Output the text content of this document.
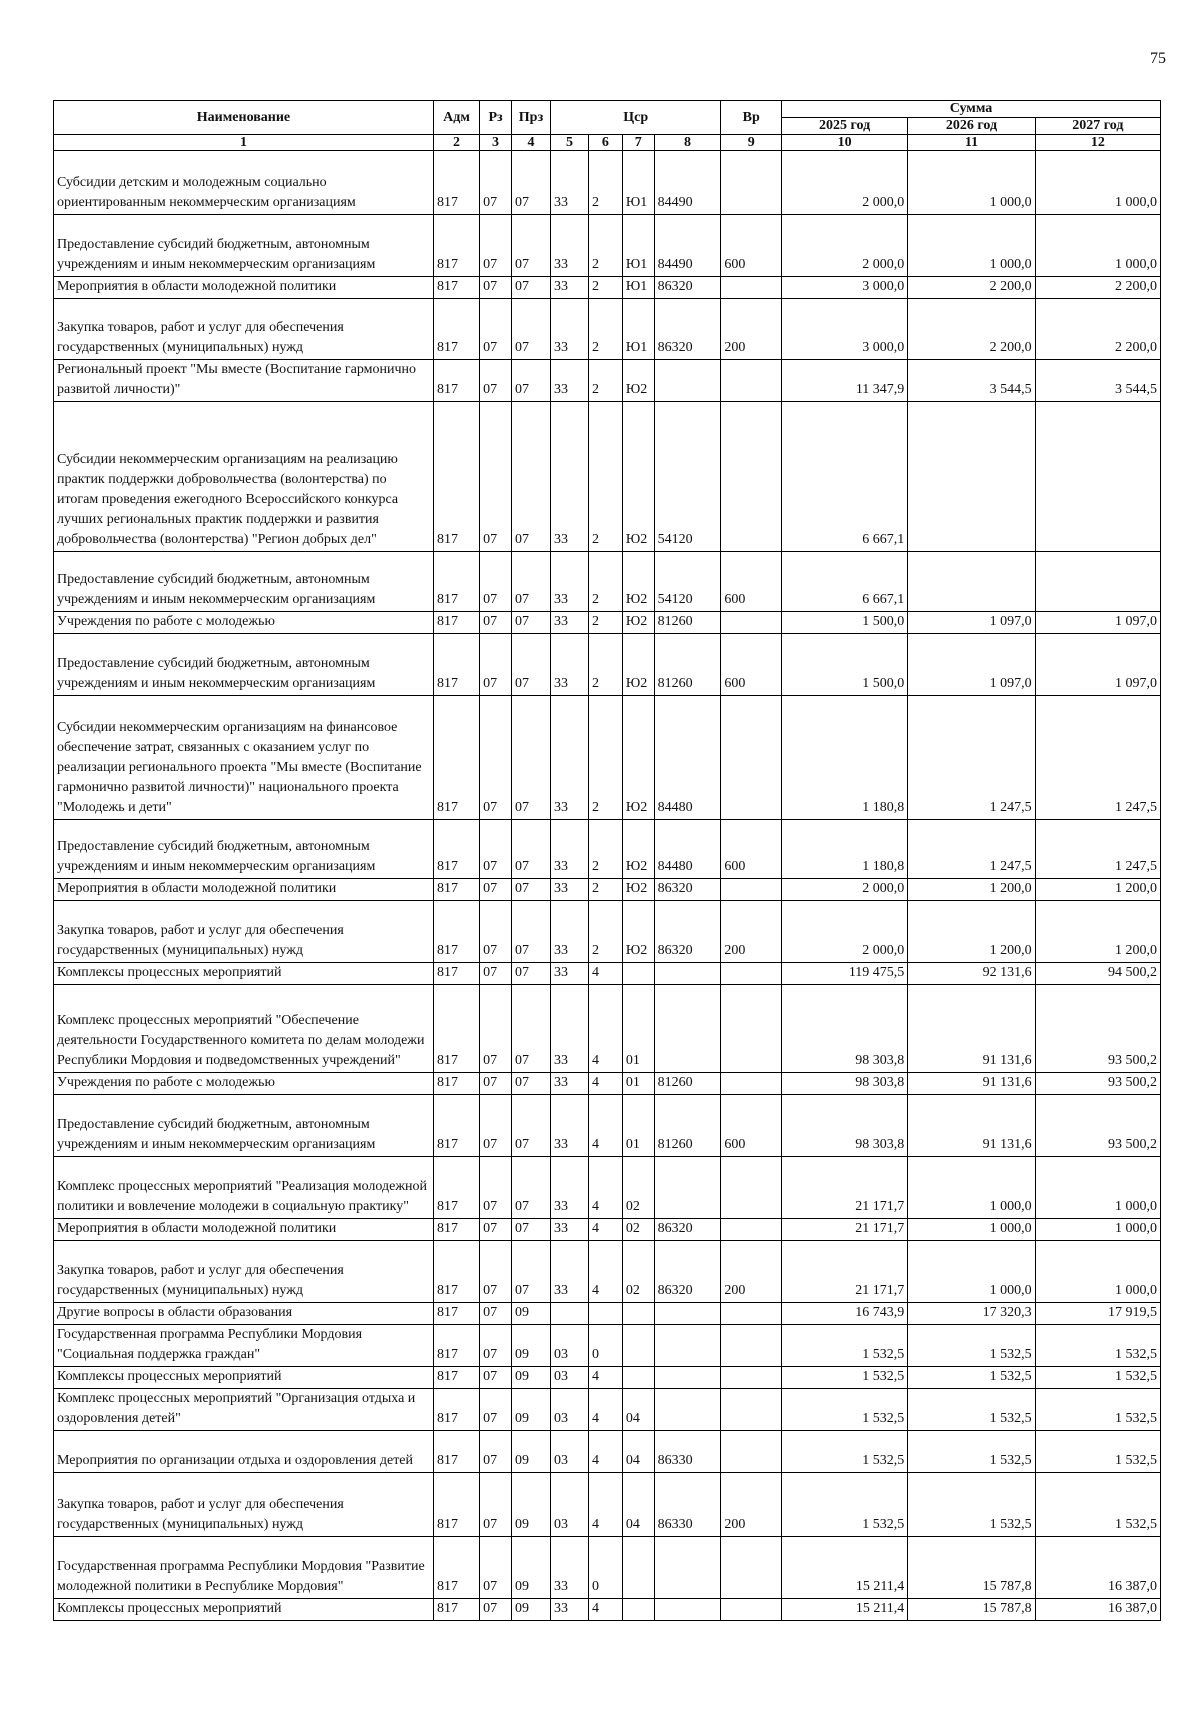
75
Наименование	Адм	Рз	Прз	Цср				Вр	Сумма		
									2025 год	2026 год	2027 год
1	2	3	4	5	6	7	8	9	10	11	12
Субсидии детским и молодежным социально ориентированным некоммерческим организациям	817	07	07	33	2	Ю1	84490		2 000,0	1 000,0	1 000,0
Предоставление субсидий бюджетным, автономным учреждениям и иным некоммерческим организациям	817	07	07	33	2	Ю1	84490	600	2 000,0	1 000,0	1 000,0
Мероприятия в области молодежной политики	817	07	07	33	2	Ю1	86320		3 000,0	2 200,0	2 200,0
Закупка товаров, работ и услуг для обеспечения государственных (муниципальных) нужд	817	07	07	33	2	Ю1	86320	200	3 000,0	2 200,0	2 200,0
Региональный проект "Мы вместе (Воспитание гармонично развитой личности)"	817	07	07	33	2	Ю2			11 347,9	3 544,5	3 544,5
Субсидии некоммерческим организациям на реализацию практик поддержки добровольчества (волонтерства) по итогам проведения ежегодного Всероссийского конкурса лучших региональных практик поддержки и развития добровольчества (волонтерства) "Регион добрых дел"	817	07	07	33	2	Ю2	54120		6 667,1		
Предоставление субсидий бюджетным, автономным учреждениям и иным некоммерческим организациям	817	07	07	33	2	Ю2	54120	600	6 667,1		
Учреждения по работе с молодежью	817	07	07	33	2	Ю2	81260		1 500,0	1 097,0	1 097,0
Предоставление субсидий бюджетным, автономным учреждениям и иным некоммерческим организациям	817	07	07	33	2	Ю2	81260	600	1 500,0	1 097,0	1 097,0
Субсидии некоммерческим организациям на финансовое обеспечение затрат, связанных с оказанием услуг по реализации регионального проекта "Мы вместе (Воспитание гармонично развитой личности)" национального проекта "Молодежь и дети"	817	07	07	33	2	Ю2	84480		1 180,8	1 247,5	1 247,5
Предоставление субсидий бюджетным, автономным учреждениям и иным некоммерческим организациям	817	07	07	33	2	Ю2	84480	600	1 180,8	1 247,5	1 247,5
Мероприятия в области молодежной политики	817	07	07	33	2	Ю2	86320		2 000,0	1 200,0	1 200,0
Закупка товаров, работ и услуг для обеспечения государственных (муниципальных) нужд	817	07	07	33	2	Ю2	86320	200	2 000,0	1 200,0	1 200,0
Комплексы процессных мероприятий	817	07	07	33	4				119 475,5	92 131,6	94 500,2
Комплекс процессных мероприятий "Обеспечение деятельности Государственного комитета по делам молодежи Республики Мордовия и подведомственных учреждений"	817	07	07	33	4	01			98 303,8	91 131,6	93 500,2
Учреждения по работе с молодежью	817	07	07	33	4	01	81260		98 303,8	91 131,6	93 500,2
Предоставление субсидий бюджетным, автономным учреждениям и иным некоммерческим организациям	817	07	07	33	4	01	81260	600	98 303,8	91 131,6	93 500,2
Комплекс процессных мероприятий "Реализация молодежной политики и вовлечение молодежи в социальную практику"	817	07	07	33	4	02			21 171,7	1 000,0	1 000,0
Мероприятия в области молодежной политики	817	07	07	33	4	02	86320		21 171,7	1 000,0	1 000,0
Закупка товаров, работ и услуг для обеспечения государственных (муниципальных) нужд	817	07	07	33	4	02	86320	200	21 171,7	1 000,0	1 000,0
Другие вопросы в области образования	817	07	09						16 743,9	17 320,3	17 919,5
Государственная программа Республики Мордовия "Социальная поддержка граждан"	817	07	09	03	0				1 532,5	1 532,5	1 532,5
Комплексы процессных мероприятий	817	07	09	03	4				1 532,5	1 532,5	1 532,5
Комплекс процессных мероприятий "Организация отдыха и оздоровления детей"	817	07	09	03	4	04			1 532,5	1 532,5	1 532,5
Мероприятия по организации отдыха и оздоровления детей	817	07	09	03	4	04	86330		1 532,5	1 532,5	1 532,5
Закупка товаров, работ и услуг для обеспечения государственных (муниципальных) нужд	817	07	09	03	4	04	86330	200	1 532,5	1 532,5	1 532,5
Государственная программа Республики Мордовия "Развитие молодежной политики в Республике Мордовия"	817	07	09	33	0				15 211,4	15 787,8	16 387,0
Комплексы процессных мероприятий	817	07	09	33	4				15 211,4	15 787,8	16 387,0
